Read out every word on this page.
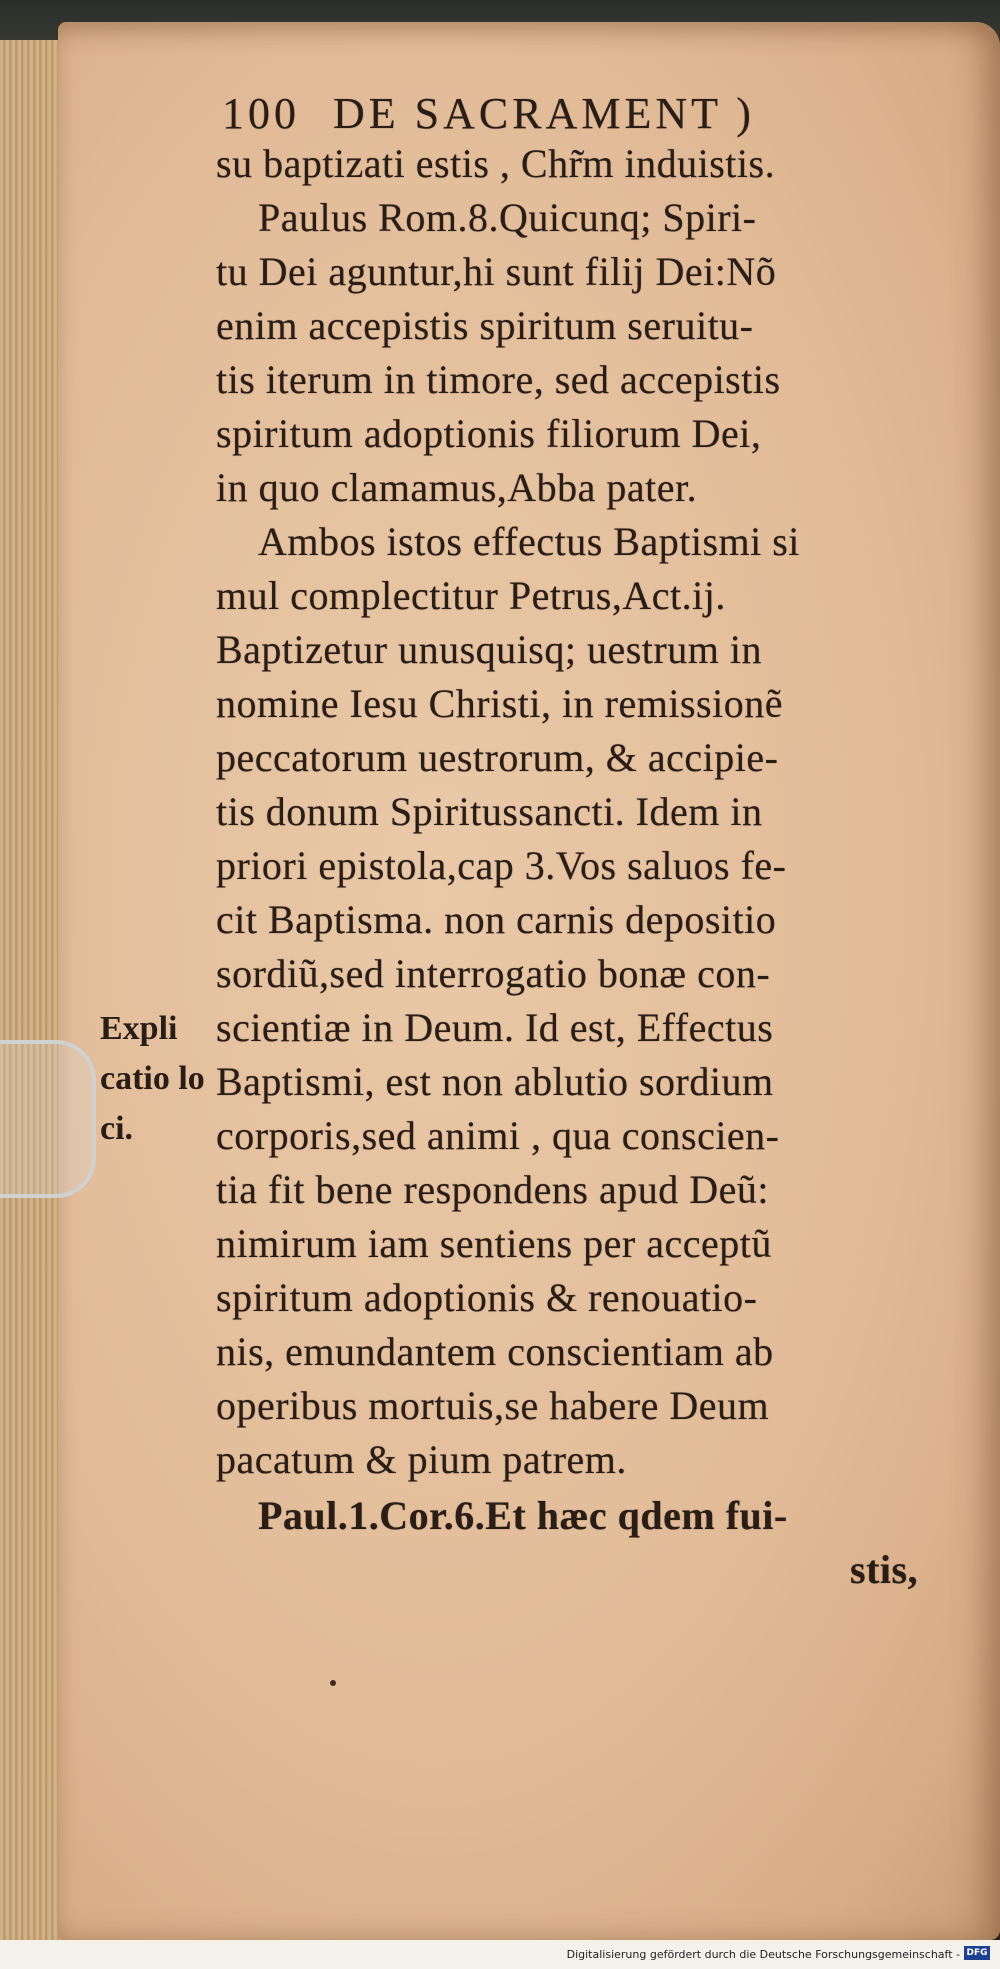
100 DE SACRAMENT )
su baptizati estis , Chr̃m induistis.
Paulus Rom.8.Quicunq; Spiri-
tu Dei aguntur,hi sunt filij Dei:Nõ
enim accepistis spiritum seruitu-
tis iterum in timore, sed accepistis
spiritum adoptionis filiorum Dei,
in quo clamamus,Abba pater.
Ambos istos effectus Baptismi si
mul complectitur Petrus,Act.ij.
Baptizetur unusquisq; uestrum in
nomine Iesu Christi, in remissionẽ
peccatorum uestrorum, & accipie-
tis donum Spiritussancti. Idem in
priori epistola,cap 3.Vos saluos fe-
cit Baptisma. non carnis depositio
sordiũ,sed interrogatio bonæ con-
scientiæ in Deum. Id est, Effectus
Baptismi, est non ablutio sordium
corporis,sed animi , qua conscien-
tia fit bene respondens apud Deũ:
nimirum iam sentiens per acceptũ
spiritum adoptionis & renouatio-
nis, emundantem conscientiam ab
operibus mortuis,se habere Deum
pacatum & pium patrem.
Paul.1.Cor.6.Et hæc qdem fui-
stis,
Expli
catio lo
ci.
Digitalisierung gefördert durch die Deutsche Forschungsgemeinschaft - DFG
